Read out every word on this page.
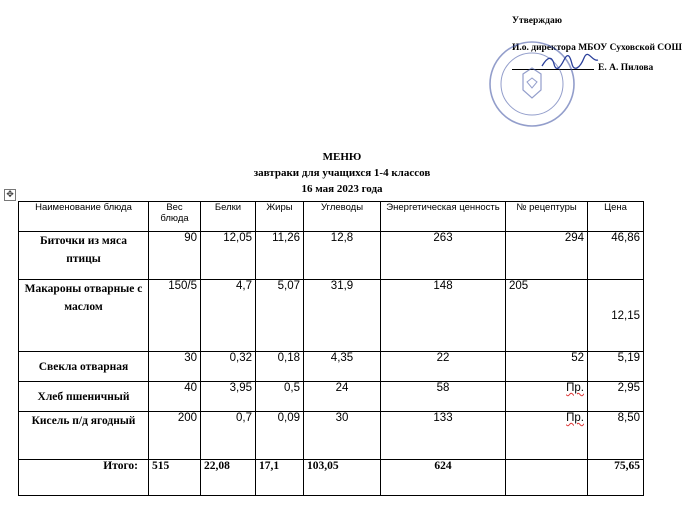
Утверждаю
И.о. директора МБОУ Суховской СОШ
Е. А. Пилова
МЕНЮ
завтраки для учащихся 1-4 классов
16 мая 2023 года
✥
Наименование блюда	Вес блюда	Белки	Жиры	Углеводы	Энергетическая ценность	№ рецептуры	Цена
Биточки из мяса птицы	90	12,05	11,26	12,8	263	294	46,86
Макароны отварные с маслом	150/5	4,7	5,07	31,9	148	205	12,15
Свекла отварная	30	0,32	0,18	4,35	22	52	5,19
Хлеб пшеничный	40	3,95	0,5	24	58	Пр.	2,95
Кисель п/д ягодный	200	0,7	0,09	30	133	Пр.	8,50
Итого:	515	22,08	17,1	103,05	624		75,65
